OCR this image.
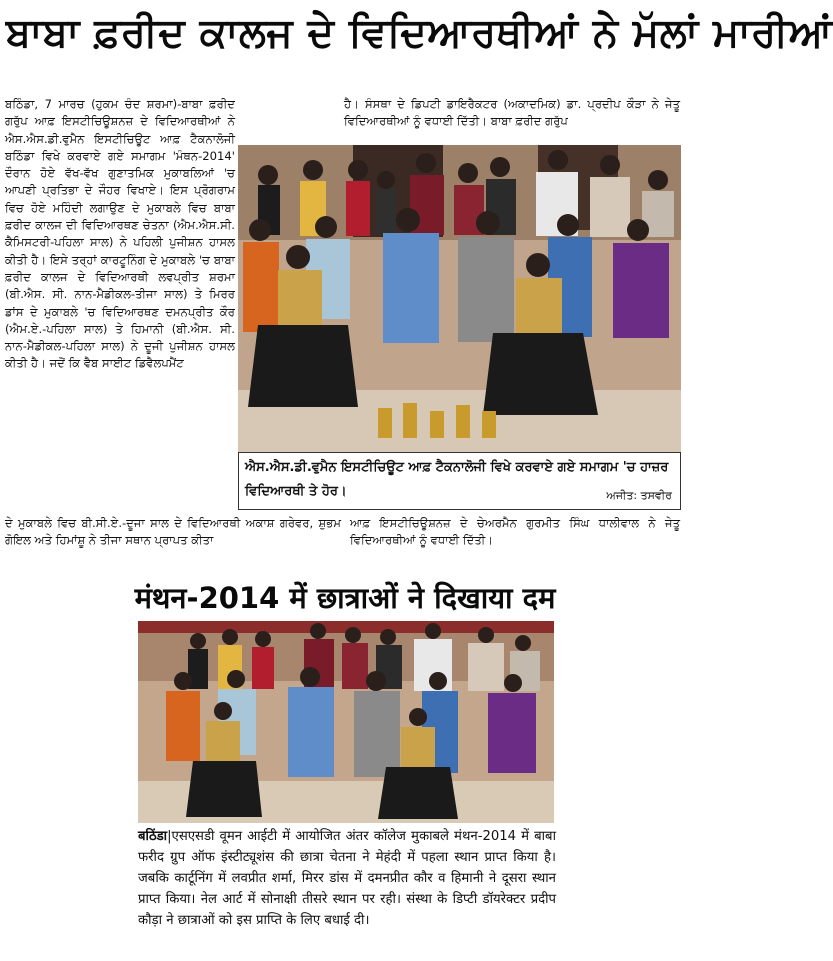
ਬਾਬਾ ਫ਼ਰੀਦ ਕਾਲਜ ਦੇ ਵਿਦਿਆਰਥੀਆਂ ਨੇ ਮੱਲਾਂ ਮਾਰੀਆਂ

ਬਠਿੰਡਾ, 7 ਮਾਰਚ (ਹੁਕਮ ਚੰਦ ਸ਼ਰਮਾ)-ਬਾਬਾ ਫ਼ਰੀਦ ਗਰੁੱਪ ਆਫ਼ ਇਸਟੀਚਿਊਸ਼ਨਜ਼ ਦੇ ਵਿਦਿਆਰਥੀਆਂ ਨੇ ਐਸ.ਐਸ.ਡੀ.ਵੁਮੈਨ ਇਸਟੀਚਿਊਟ ਆਫ਼ ਟੈਕਨਾਲੋਜੀ ਬਠਿੰਡਾ ਵਿਖੇ ਕਰਵਾਏ ਗਏ ਸਮਾਗਮ 'ਮੰਥਨ-2014' ਦੌਰਾਨ ਹੋਏ ਵੱਖ-ਵੱਖ ਗੁਣਾਤਮਿਕ ਮੁਕਾਬਲਿਆਂ 'ਚ ਆਪਣੀ ਪ੍ਰਤਿਭਾ ਦੇ ਜੌਹਰ ਵਿਖਾਏ। ਇਸ ਪ੍ਰੋਗਰਾਮ ਵਿਚ ਹੋਏ ਮਹਿੰਦੀ ਲਗਾਉਣ ਦੇ ਮੁਕਾਬਲੇ ਵਿਚ ਬਾਬਾ ਫ਼ਰੀਦ ਕਾਲਜ ਦੀ ਵਿਦਿਆਰਥਣ ਚੇਤਨਾ (ਐਮ.ਐਸ.ਸੀ. ਕੈਮਿਸਟਰੀ-ਪਹਿਲਾ ਸਾਲ) ਨੇ ਪਹਿਲੀ ਪੁਜੀਸ਼ਨ ਹਾਸਲ ਕੀਤੀ ਹੈ। ਇਸੇ ਤਰ੍ਹਾਂ ਕਾਰਟੂਨਿੰਗ ਦੇ ਮੁਕਾਬਲੇ 'ਚ ਬਾਬਾ ਫ਼ਰੀਦ ਕਾਲਜ ਦੇ ਵਿਦਿਆਰਥੀ ਲਵਪ੍ਰੀਤ ਸ਼ਰਮਾ (ਬੀ.ਐਸ. ਸੀ. ਨਾਨ-ਮੈਡੀਕਲ-ਤੀਜਾ ਸਾਲ) ਤੇ ਮਿਰਰ ਡਾਂਸ ਦੇ ਮੁਕਾਬਲੇ 'ਚ ਵਿਦਿਆਰਥਣ ਦਮਨਪ੍ਰੀਤ ਕੌਰ (ਐਮ.ਏ.-ਪਹਿਲਾ ਸਾਲ) ਤੇ ਹਿਮਾਨੀ (ਬੀ.ਐਸ. ਸੀ. ਨਾਨ-ਮੈਡੀਕਲ-ਪਹਿਲਾ ਸਾਲ) ਨੇ ਦੂਜੀ ਪੁਜੀਸ਼ਨ ਹਾਸਲ ਕੀਤੀ ਹੈ। ਜਦੋਂ ਕਿ ਵੈਬ ਸਾਈਟ ਡਿਵੈਲਪਮੈਂਟ

ਹੈ। ਸੰਸਥਾ ਦੇ ਡਿਪਟੀ ਡਾਇਰੈਕਟਰ (ਅਕਾਦਮਿਕ) ਡਾ. ਪ੍ਰਦੀਪ ਕੌੜਾ ਨੇ ਜੇਤੂ ਵਿਦਿਆਰਥੀਆਂ ਨੂੰ ਵਧਾਈ ਦਿੱਤੀ। ਬਾਬਾ ਫ਼ਰੀਦ ਗਰੁੱਪ

ਐਸ.ਐਸ.ਡੀ.ਵੁਮੈਨ ਇਸਟੀਚਿਊਟ ਆਫ਼ ਟੈਕਨਾਲੋਜੀ ਵਿਖੇ ਕਰਵਾਏ ਗਏ ਸਮਾਗਮ 'ਚ ਹਾਜ਼ਰ ਵਿਦਿਆਰਥੀ ਤੇ ਹੋਰ।	ਅਜੀਤ: ਤਸਵੀਰ

ਦੇ ਮੁਕਾਬਲੇ ਵਿਚ ਬੀ.ਸੀ.ਏ.-ਦੂਜਾ ਸਾਲ ਦੇ ਵਿਦਿਆਰਥੀ ਅਕਾਸ਼ ਗਰੇਵਰ, ਸ਼ੁਭਮ ਗੋਇਲ ਅਤੇ ਹਿਮਾਂਸ਼ੂ ਨੇ ਤੀਜਾ ਸਥਾਨ ਪ੍ਰਾਪਤ ਕੀਤਾ

ਆਫ਼ ਇਸਟੀਚਿਊਸ਼ਨਜ਼ ਦੇ ਚੇਅਰਮੈਨ ਗੁਰਮੀਤ ਸਿੰਘ ਧਾਲੀਵਾਲ ਨੇ ਜੇਤੂ ਵਿਦਿਆਰਥੀਆਂ ਨੂੰ ਵਧਾਈ ਦਿੱਤੀ।

मंथन-2014 में छात्राओं ने दिखाया दम

बठिंडा|एसएसडी वूमन आईटी में आयोजित अंतर कॉलेज मुकाबले मंथन-2014 में बाबा फरीद ग्रुप ऑफ इंस्टीट्यूशंस की छात्रा चेतना ने मेहंदी में पहला स्थान प्राप्त किया है। जबकि कार्टूनिंग में लवप्रीत शर्मा, मिरर डांस में दमनप्रीत कौर व हिमानी ने दूसरा स्थान प्राप्त किया। नेल आर्ट में सोनाक्षी तीसरे स्थान पर रही। संस्था के डिप्टी डॉयरेक्टर प्रदीप कौड़ा ने छात्राओं को इस प्राप्ति के लिए बधाई दी।
